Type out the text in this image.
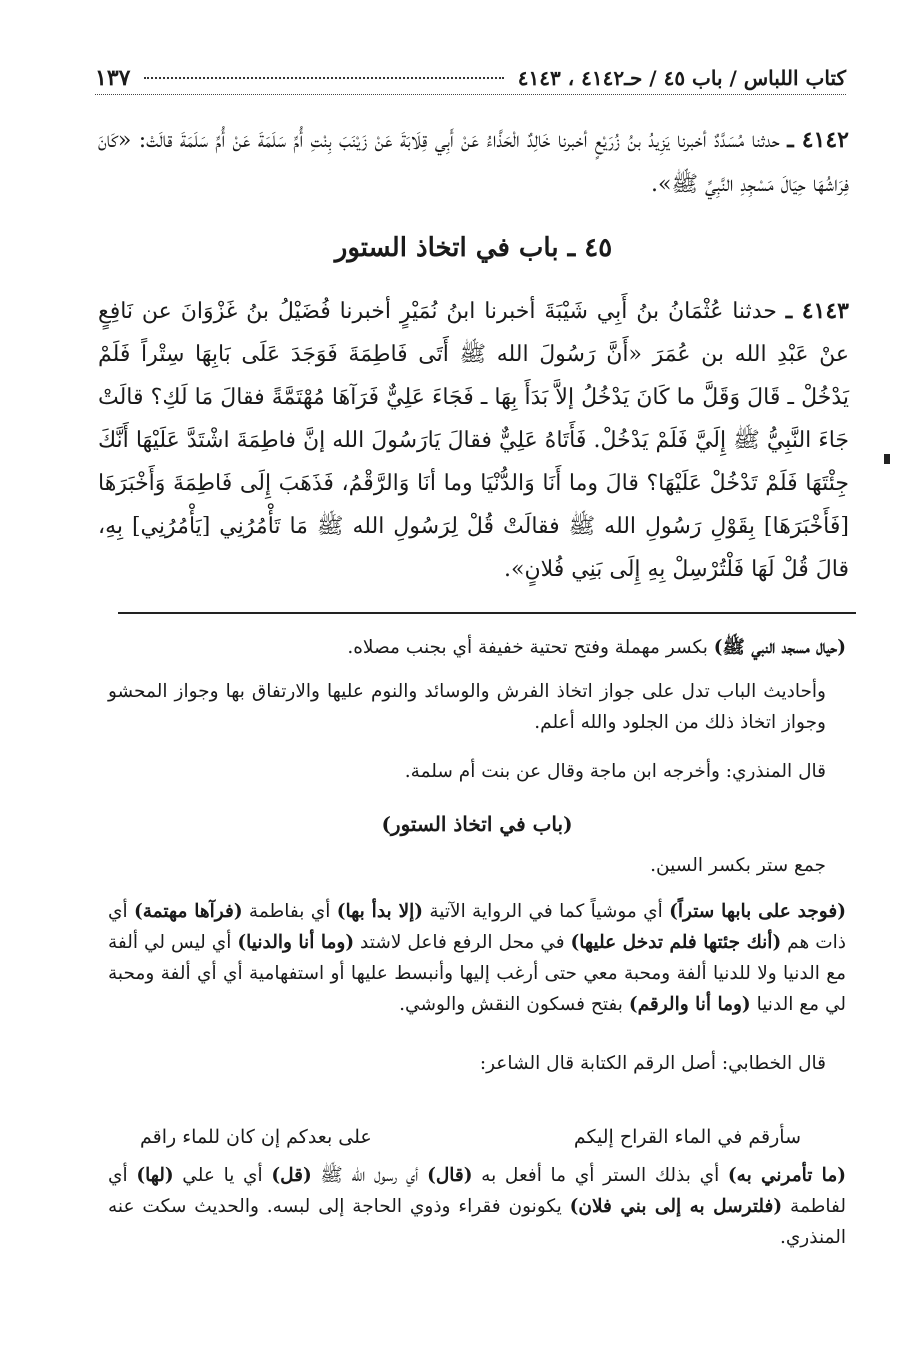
كتاب اللباس / باب ٤٥ / حـ٤١٤٢ ، ٤١٤٣
١٣٧
٤١٤٢ ـ حدثنا مُسَدَّدٌ أخبرنا يَزِيدُ بنُ زُرَيْعٍ أخبرنا خَالِدٌ الْحَذَّاءُ عَنْ أَبِي قِلَابَةَ عَنْ زَيْنَبَ بِنْتِ أُمِّ سَلَمَةَ عَنْ أُمِّ سَلَمَةَ قالَتْ: «كَانَ فِرَاشُهَا حِيَالَ مَسْجِدِ النَّبِيِّ ﷺ».
٤٥ ـ باب في اتخاذ الستور
٤١٤٣ ـ حدثنا عُثْمَانُ بنُ أَبِي شَيْبَةَ أخبرنا ابنُ نُمَيْرٍ أخبرنا فُضَيْلُ بنُ غَزْوَانَ عن نَافِعٍ عنْ عَبْدِ الله بن عُمَرَ «أَنَّ رَسُولَ الله ﷺ أَتَى فَاطِمَةَ فَوَجَدَ عَلَى بَابِهَا سِتْراً فَلَمْ يَدْخُلْ ـ قَالَ وَقَلَّ ما كَانَ يَدْخُلُ إلاَّ بَدَأَ بِهَا ـ فَجَاءَ عَلِيٌّ فَرَآهَا مُهْتَمَّةً فقالَ مَا لَكِ؟ قالَتْ جَاءَ النَّبِيُّ ﷺ إِلَيَّ فَلَمْ يَدْخُلْ. فَأَتَاهُ عَلِيٌّ فقالَ يَارَسُولَ الله إنَّ فاطِمَةَ اشْتَدَّ عَلَيْهَا أَنَّكَ جِئْتَهَا فَلَمْ تَدْخُلْ عَلَيْهَا؟ قالَ وما أَنَا وَالدُّنْيَا وما أنَا وَالرَّقْمُ، فَذَهَبَ إِلَى فَاطِمَةَ وَأَخْبَرَهَا [فَأَخْبَرَهَا] بِقَوْلِ رَسُولِ الله ﷺ فقالَتْ قُلْ لِرَسُولِ الله ﷺ مَا تَأْمُرُنِي [يَأْمُرُنِي] بِهِ، قالَ قُلْ لَهَا فَلْتُرْسِلْ بِهِ إِلَى بَنِي فُلانٍ».
(حيال مسجد النبي ﷺ) بكسر مهملة وفتح تحتية خفيفة أي بجنب مصلاه.
وأحاديث الباب تدل على جواز اتخاذ الفرش والوسائد والنوم عليها والارتفاق بها وجواز المحشو وجواز اتخاذ ذلك من الجلود والله أعلم.
قال المنذري: وأخرجه ابن ماجة وقال عن بنت أم سلمة.
(باب في اتخاذ الستور)
جمع ستر بكسر السين.
(فوجد على بابها ستراً) أي موشياً كما في الرواية الآتية (إلا بدأ بها) أي بفاطمة (فرآها مهتمة) أي ذات هم (أنك جئتها فلم تدخل عليها) في محل الرفع فاعل لاشتد (وما أنا والدنيا) أي ليس لي ألفة مع الدنيا ولا للدنيا ألفة ومحبة معي حتى أرغب إليها وأنبسط عليها أو استفهامية أي أي ألفة ومحبة لي مع الدنيا (وما أنا والرقم) بفتح فسكون النقش والوشي.
قال الخطابي: أصل الرقم الكتابة قال الشاعر:
سأرقم في الماء القراح إليكم
على بعدكم إن كان للماء راقم
(ما تأمرني به) أي بذلك الستر أي ما أفعل به (قال) أي رسول الله ﷺ (قل) أي يا علي (لها) أي لفاطمة (فلترسل به إلى بني فلان) يكونون فقراء وذوي الحاجة إلى لبسه. والحديث سكت عنه المنذري.
